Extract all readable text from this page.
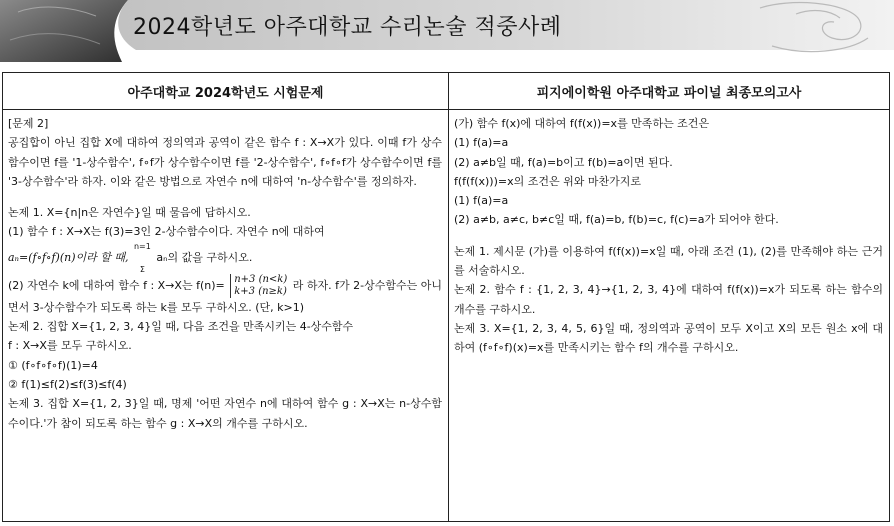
2024학년도 아주대학교 수리논술 적중사례
아주대학교 2024학년도 시험문제

[문제 2]

공집합이 아닌 집합 X에 대하여 정의역과 공역이 같은 함수 f : X→X가 있다. 이때 f가 상수함수이면 f를 '1-상수함수', f∘f가 상수함수이면 f를 '2-상수함수', f∘f∘f가 상수함수이면 f를 '3-상수함수'라 하자. 이와 같은 방법으로 자연수 n에 대하여 'n-상수함수'를 정의하자.

논제 1. X={n|n은 자연수}일 때 물음에 답하시오.

(1) 함수 f : X→X는 f(3)=3인 2-상수함수이다. 자연수 n에 대하여

aₙ=(f∘f∘f)(n)이라 할 때, n=1

Σ aₙ의 값을 구하시오.

(2) 자연수 k에 대하여 함수 f : X→X는 f(n)= n+3 (n<k)
k+3 (n≥k) 라 하자. f가 2-상수함수는 아니면서 3-상수함수가 되도록 하는 k를 모두 구하시오. (단, k>1)

논제 2. 집합 X={1, 2, 3, 4}일 때, 다음 조건을 만족시키는 4-상수함수

f : X→X를 모두 구하시오.

① (f∘f∘f∘f)(1)=4

② f(1)≤f(2)≤f(3)≤f(4)

논제 3. 집합 X={1, 2, 3}일 때, 명제 '어떤 자연수 n에 대하여 함수 g : X→X는 n-상수함수이다.'가 참이 되도록 하는 함수 g : X→X의 개수를 구하시오.

피지에이학원 아주대학교 파이널 최종모의고사

(가) 함수 f(x)에 대하여 f(f(x))=x를 만족하는 조건은

(1) f(a)=a

(2) a≠b일 때, f(a)=b이고 f(b)=a이면 된다.

f(f(f(x)))=x의 조건은 위와 마찬가지로

(1) f(a)=a

(2) a≠b, a≠c, b≠c일 때, f(a)=b, f(b)=c, f(c)=a가 되어야 한다.

논제 1. 제시문 (가)를 이용하여 f(f(x))=x일 때, 아래 조건 (1), (2)를 만족해야 하는 근거를 서술하시오.

논제 2. 함수 f : {1, 2, 3, 4}→{1, 2, 3, 4}에 대하여 f(f(x))=x가 되도록 하는 함수의 개수를 구하시오.

논제 3. X={1, 2, 3, 4, 5, 6}일 때, 정의역과 공역이 모두 X이고 X의 모든 원소 x에 대하여 (f∘f∘f)(x)=x를 만족시키는 함수 f의 개수를 구하시오.
